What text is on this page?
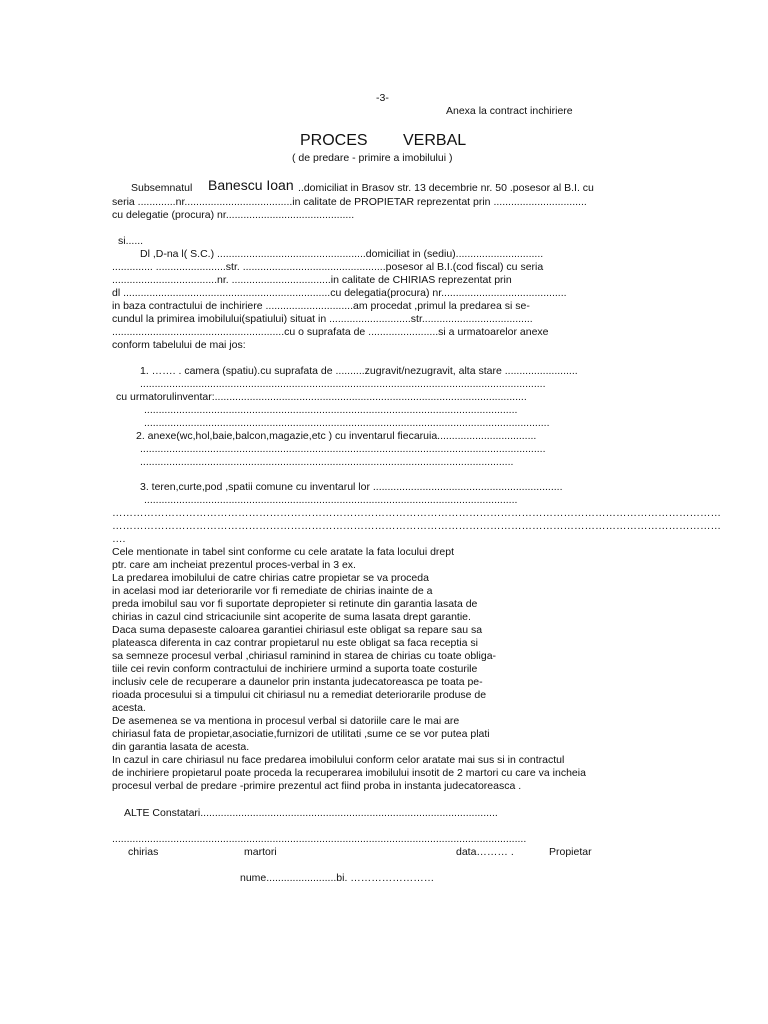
-3-
Anexa la contract inchiriere
PROCES VERBAL
( de predare - primire a imobilului )
Subsemnatul Banescu Ioan ..domiciliat in Brasov str. 13 decembrie nr. 50 .posesor al B.I. cu
seria .............nr.....................................in calitate de PROPIETAR reprezentat prin ................................
cu delegatie (procura) nr............................................
si......
Dl ,D-na l( S.C.) ...................................................domiciliat in (sediu)..............................
.............. ........................str. .................................................posesor al B.I.(cod fiscal) cu seria
....................................nr. ..................................in calitate de CHIRIAS reprezentat prin
dl .......................................................................cu delegatia(procura) nr...........................................
in baza contractului de inchiriere ..............................am procedat ,primul la predarea si se-
cundul la primirea imobilului(spatiului) situat in ............................str......................................
...........................................................cu o suprafata de ........................si a urmatoarelor anexe
conform tabelului de mai jos:
1. ……. . camera (spatiu).cu suprafata de ..........zugravit/nezugravit, alta stare .........................
...........................................................................................................................................
cu urmatorulinventar:...........................................................................................................
................................................................................................................................
...........................................................................................................................................
2. anexe(wc,hol,baie,balcon,magazie,etc ) cu inventarul fiecaruia..................................
...........................................................................................................................................
................................................................................................................................
3. teren,curte,pod ,spatii comune cu inventarul lor .................................................................
................................................................................................................................
…………………………………………………………………………………………………………………………………………………………
…………………………………………………………………………………………………………………………………………………………
….
Cele mentionate in tabel sint conforme cu cele aratate la fata locului drept
ptr. care am incheiat prezentul proces-verbal in 3 ex.
La predarea imobilului de catre chirias catre propietar se va proceda
in acelasi mod iar deteriorarile vor fi remediate de chirias inainte de a
preda imobilul sau vor fi suportate depropieter si retinute din garantia lasata de
chirias in cazul cind stricaciunile sint acoperite de suma lasata drept garantie.
Daca suma depaseste caloarea garantiei chiriasul este obligat sa repare sau sa
plateasca diferenta in caz contrar propietarul nu este obligat sa faca receptia si
sa semneze procesul verbal ,chiriasul raminind in starea de chirias cu toate obliga-
tiile cei revin conform contractului de inchiriere urmind a suporta toate costurile
inclusiv cele de recuperare a daunelor prin instanta judecatoreasca pe toata pe-
rioada procesului si a timpului cit chiriasul nu a remediat deteriorarile produse de
acesta.
De asemenea se va mentiona in procesul verbal si datoriile care le mai are
chiriasul fata de propietar,asociatie,furnizori de utilitati ,sume ce se vor putea plati
din garantia lasata de acesta.
In cazul in care chiriasul nu face predarea imobilului conform celor aratate mai sus si in contractul
de inchiriere propietarul poate proceda la recuperarea imobilului insotit de 2 martori cu care va incheia
procesul verbal de predare -primire prezentul act fiind proba in instanta judecatoreasca .
ALTE Constatari......................................................................................................
..............................................................................................................................................
chirias	martori	data……… .	Propietar
nume........................bi. ……………………
